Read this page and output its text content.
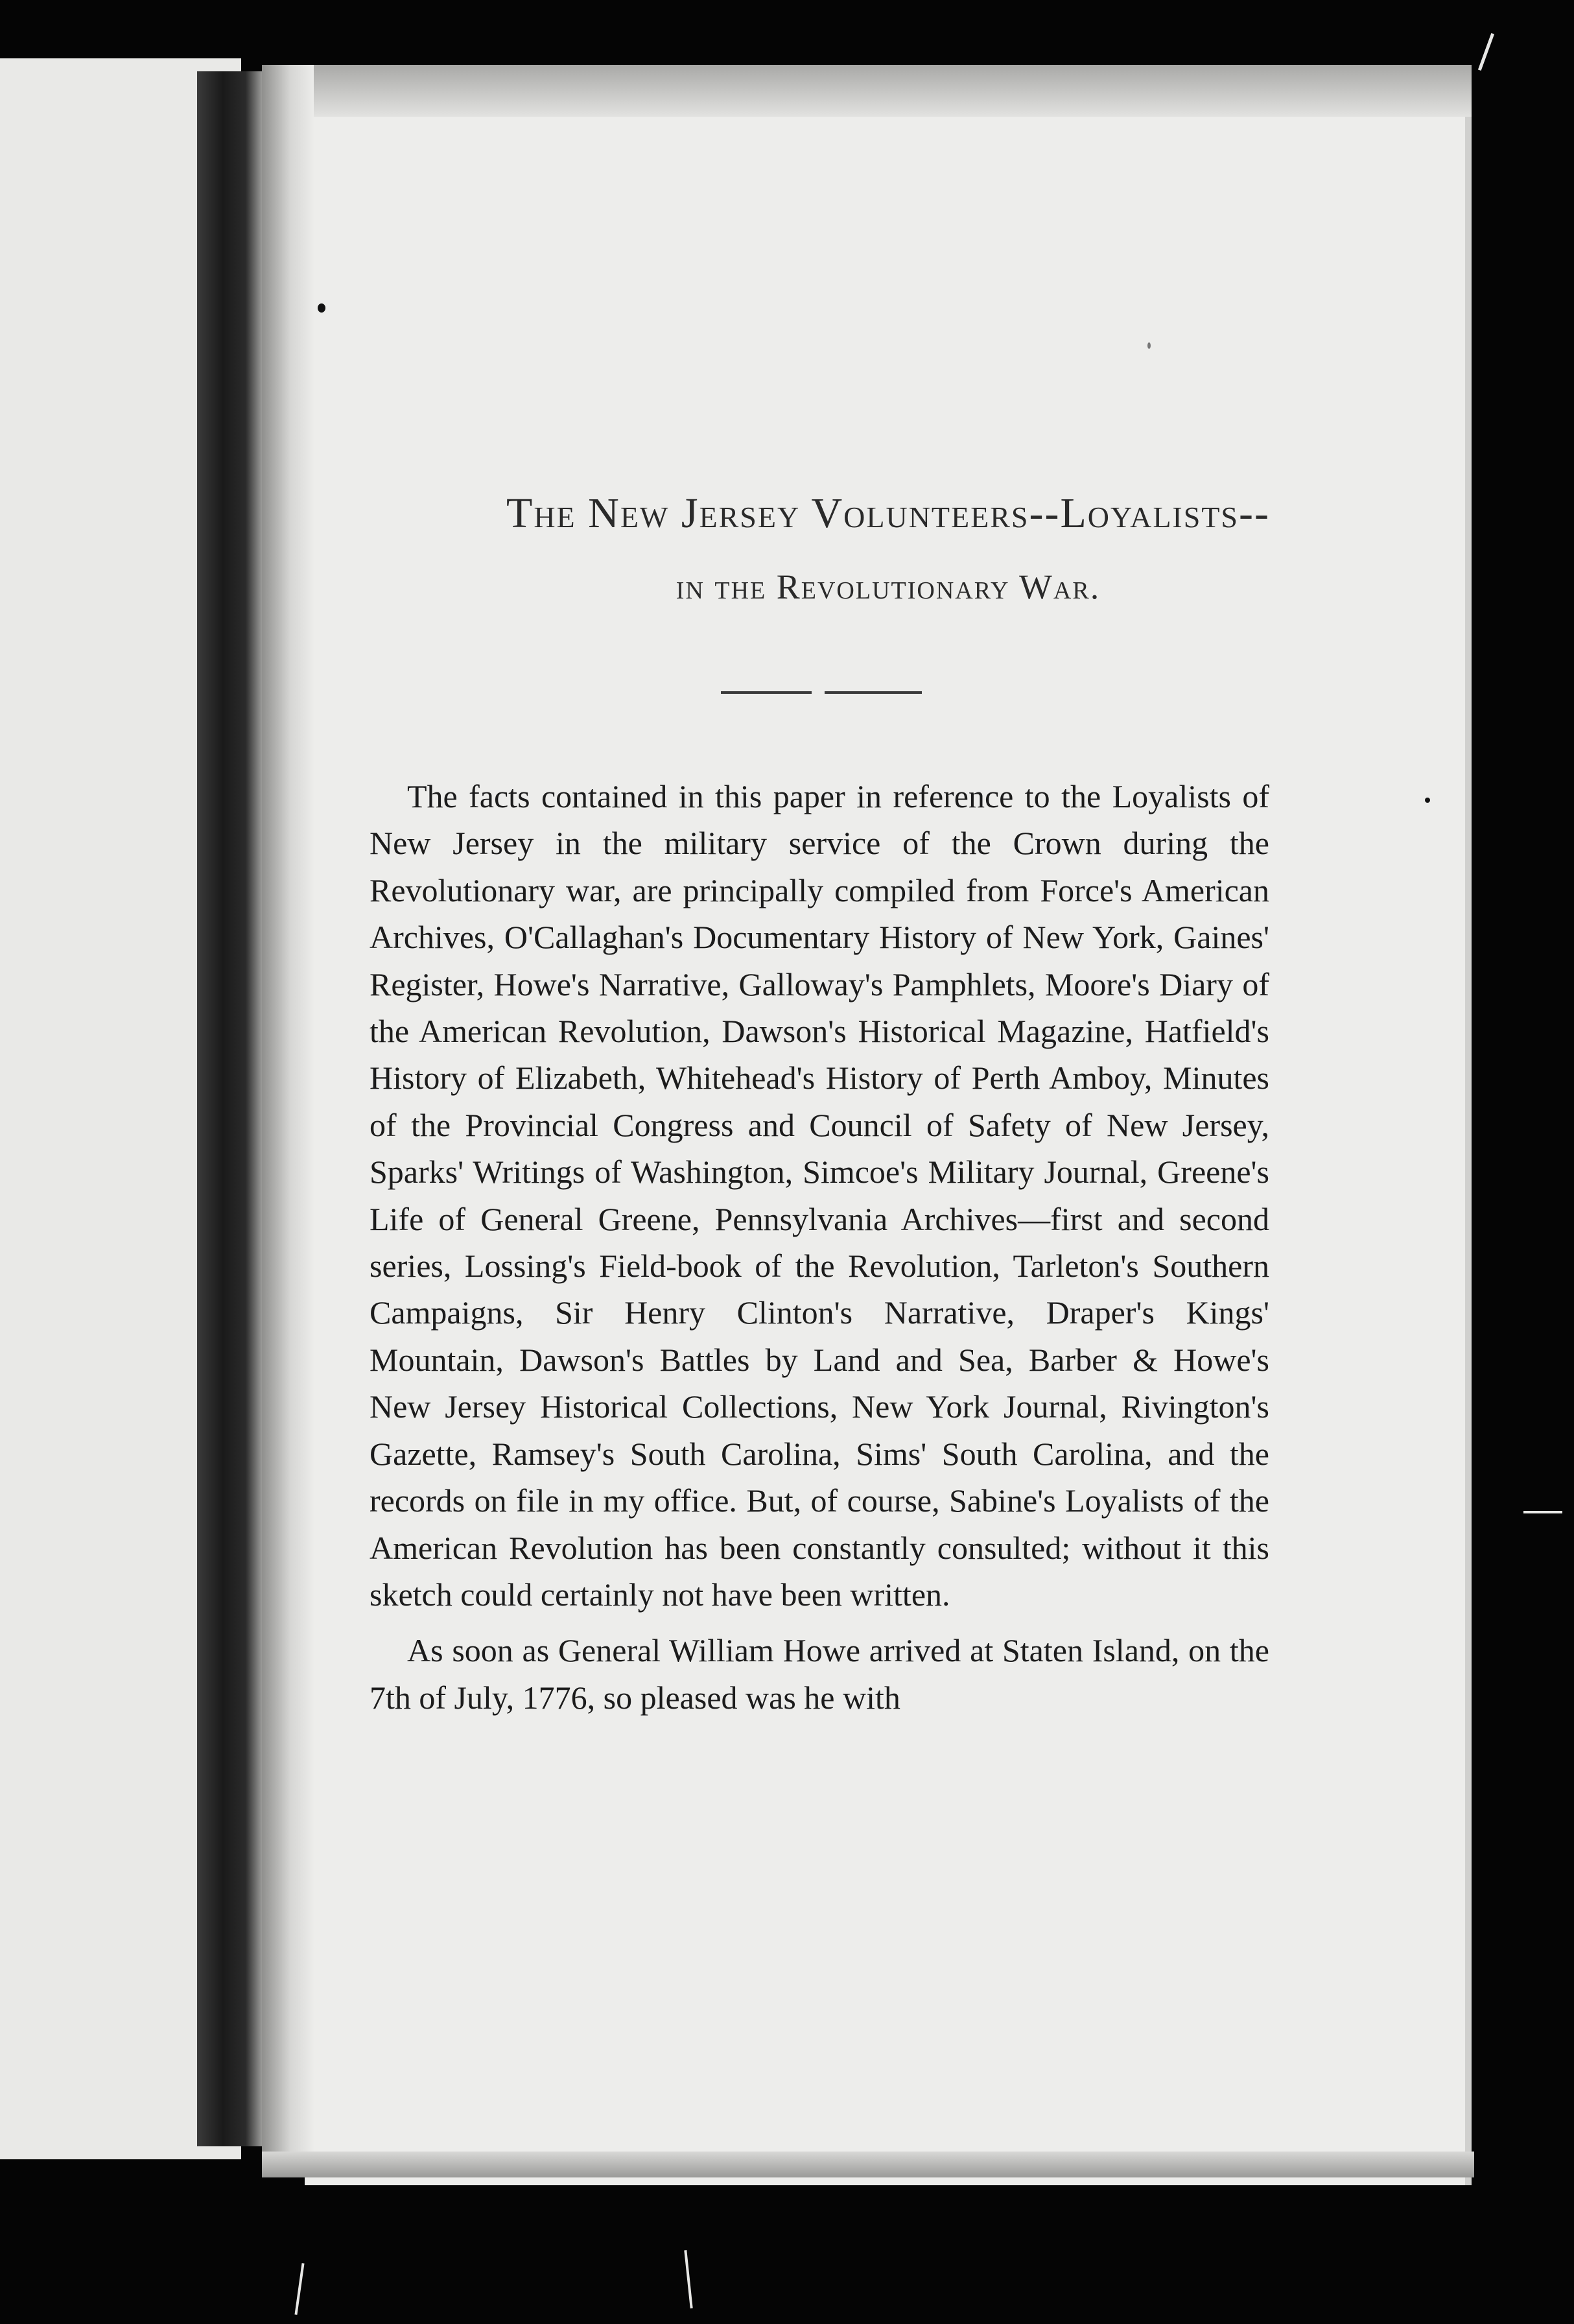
The New Jersey Volunteers--Loyalists--
in the Revolutionary War.

The facts contained in this paper in reference to the Loyalists of New Jersey in the military service of the Crown during the Revolutionary war, are principally compiled from Force's American Archives, O'Callaghan's Documentary History of New York, Gaines' Register, Howe's Narrative, Galloway's Pamphlets, Moore's Diary of the American Revolution, Dawson's Historical Magazine, Hatfield's History of Elizabeth, Whitehead's History of Perth Amboy, Minutes of the Provincial Congress and Council of Safety of New Jersey, Sparks' Writings of Washington, Simcoe's Military Journal, Greene's Life of General Greene, Pennsylvania Archives—first and second series, Lossing's Field-book of the Revolution, Tarleton's Southern Campaigns, Sir Henry Clinton's Narrative, Draper's Kings' Mountain, Dawson's Battles by Land and Sea, Barber & Howe's New Jersey Historical Collections, New York Journal, Rivington's Gazette, Ramsey's South Carolina, Sims' South Carolina, and the records on file in my office. But, of course, Sabine's Loyalists of the American Revolution has been constantly consulted; without it this sketch could certainly not have been written.

As soon as General William Howe arrived at Staten Island, on the 7th of July, 1776, so pleased was he with
